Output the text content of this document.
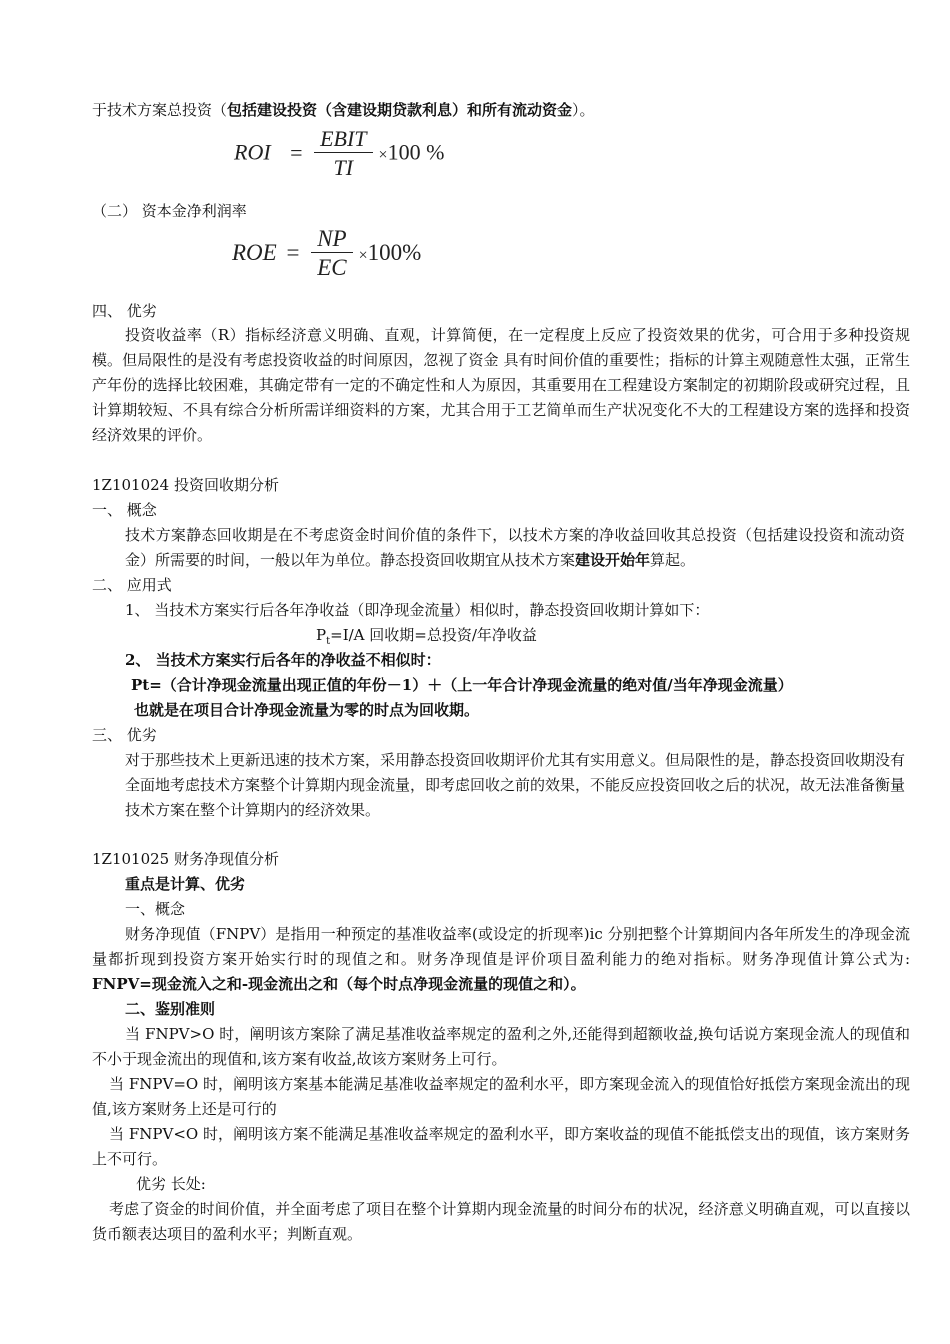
于技术方案总投资（包括建设投资（含建设期贷款利息）和所有流动资金）。
ROI = $\frac{\text{EBIT}}{TI} \times 100$ %
（二） 资本金净利润率
ROE = $\frac{NP}{EC} \times 100\%$
四、 优劣
投资收益率（R）指标经济意义明确、直观，计算简便，在一定程度上反应了投资效果的优劣，可合用于多种投资规模。但局限性的是没有考虑投资收益的时间原因，忽视了资金 具有时间价值的重要性；指标的计算主观随意性太强，正常生产年份的选择比较困难，其确定带有一定的不确定性和人为原因，其重要用在工程建设方案制定的初期阶段或研究过程，且计算期较短、不具有综合分析所需详细资料的方案，尤其合用于工艺简单而生产状况变化不大的工程建设方案的选择和投资经济效果的评价。
1Z101024 投资回收期分析
一、 概念
技术方案静态回收期是在不考虑资金时间价值的条件下，以技术方案的净收益回收其总投资（包括建设投资和流动资金）所需要的时间，一般以年为单位。静态投资回收期宜从技术方案建设开始年算起。
二、 应用式
1、 当技术方案实行后各年净收益（即净现金流量）相似时，静态投资回收期计算如下：
$P_t=I/A$ 回收期=总投资/年净收益
2、 当技术方案实行后各年的净收益不相似时：
Pt=（合计净现金流量出现正值的年份－1）＋（上一年合计净现金流量的绝对值/当年净现金流量）
也就是在项目合计净现金流量为零的时点为回收期。
三、 优劣
对于那些技术上更新迅速的技术方案，采用静态投资回收期评价尤其有实用意义。但局限性的是，静态投资回收期没有全面地考虑技术方案整个计算期内现金流量，即考虑回收之前的效果，不能反应投资回收之后的状况，故无法准备衡量技术方案在整个计算期内的经济效果。
1Z101025 财务净现值分析
重点是计算、优劣
一、概念
财务净现值（FNPV）是指用一种预定的基准收益率(或设定的折现率)ic 分别把整个计算期间内各年所发生的净现金流量都折现到投资方案开始实行时的现值之和。财务净现值是评价项目盈利能力的绝对指标。财务净现值计算公式为: FNPV=现金流入之和-现金流出之和（每个时点净现金流量的现值之和）。
二、鉴别准则
当 FNPV>O 时，阐明该方案除了满足基准收益率规定的盈利之外,还能得到超额收益,换句话说方案现金流人的现值和不小于现金流出的现值和,该方案有收益,故该方案财务上可行。
当 FNPV=O 时，阐明该方案基本能满足基准收益率规定的盈利水平，即方案现金流入的现值恰好抵偿方案现金流出的现值,该方案财务上还是可行的
当 FNPV<O 时，阐明该方案不能满足基准收益率规定的盈利水平，即方案收益的现值不能抵偿支出的现值，该方案财务上不可行。
优劣 长处:
考虑了资金的时间价值，并全面考虑了项目在整个计算期内现金流量的时间分布的状况，经济意义明确直观，可以直接以货币额表达项目的盈利水平；判断直观。
